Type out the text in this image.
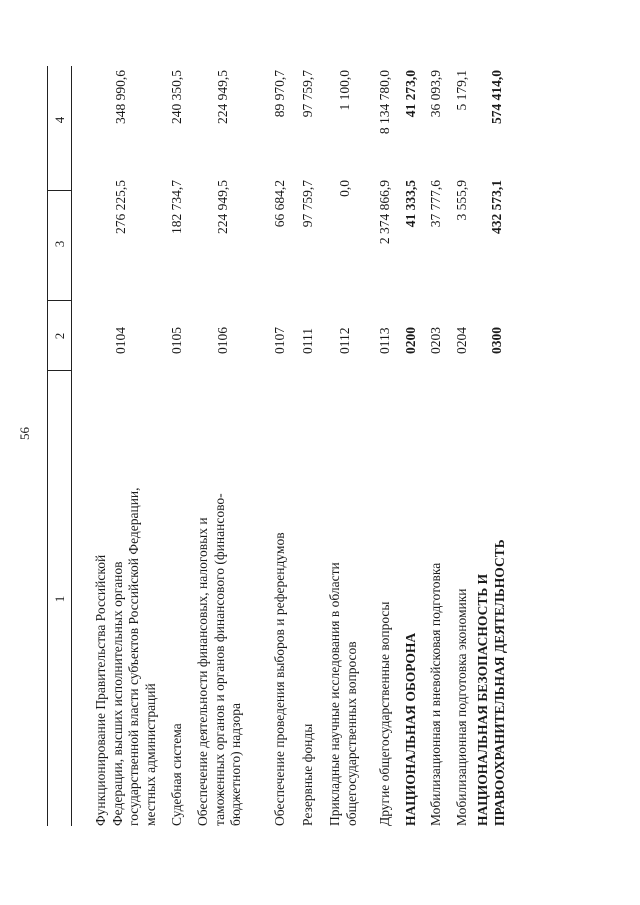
56
1
2
3
4
Функционирование Правительства Российской Федерации, высших исполнительных органов государственной власти субъектов Российской Федерации, местных администраций
0104
276 225,5
348 990,6
Судебная система
0105
182 734,7
240 350,5
Обеспечение деятельности финансовых, налоговых и таможенных органов и органов финансового (финансово-бюджетного) надзора
0106
224 949,5
224 949,5
Обеспечение проведения выборов и референдумов
0107
66 684,2
89 970,7
Резервные фонды
0111
97 759,7
97 759,7
Прикладные научные исследования в области общегосударственных вопросов
0112
0,0
1 100,0
Другие общегосударственные вопросы
0113
2 374 866,9
8 134 780,0
НАЦИОНАЛЬНАЯ ОБОРОНА
0200
41 333,5
41 273,0
Мобилизационная и вневойсковая подготовка
0203
37 777,6
36 093,9
Мобилизационная подготовка экономики
0204
3 555,9
5 179,1
НАЦИОНАЛЬНАЯ БЕЗОПАСНОСТЬ И ПРАВООХРАНИТЕЛЬНАЯ ДЕЯТЕЛЬНОСТЬ
0300
432 573,1
574 414,0
